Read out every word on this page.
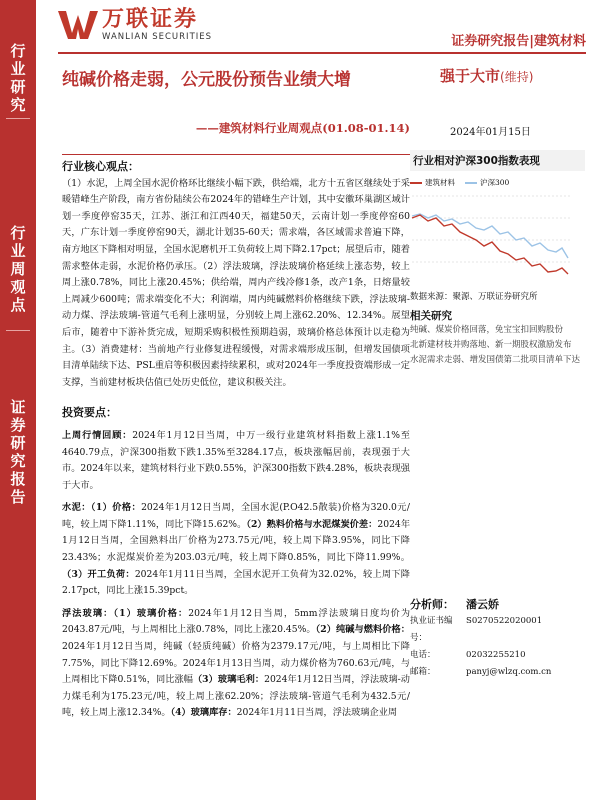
行
业
研
究
行
业
周
观
点
证
券
研
究
报
告
万联证券
WANLIAN SECURITIES	证券研究报告|建筑材料
纯碱价格走弱，公元股份预告业绩大增
——建筑材料行业周观点(01.08-01.14)
强于大市(维持)
2024年01月15日
行业核心观点：

（1）水泥，上周全国水泥价格环比继续小幅下跌，供给端，北方十五省区继续处于采暖错峰生产阶段，南方省份陆续公布2024年的错峰生产计划，其中安徽环巢湖区域计划一季度停窑35天，江苏、浙江和江西40天，福建50天，云南计划一季度停窑60天，广东计划一季度停窑90天，湖北计划35-60天；需求端，各区域需求普遍下降，南方地区下降相对明显，全国水泥磨机开工负荷较上周下降2.17pct；展望后市，随着需求整体走弱，水泥价格仍承压。（2）浮法玻璃，浮法玻璃价格延续上涨态势，较上周上涨0.78%，同比上涨20.45%；供给端，周内产线冷修1条，改产1条，日熔量较上周减少600吨；需求端变化不大；利润端，周内纯碱燃料价格继续下跌，浮法玻璃-动力煤、浮法玻璃-管道气毛利上涨明显，分别较上周上涨62.20%、12.34%。展望后市，随着中下游补货完成，短期采购积极性预期趋弱，玻璃价格总体预计以走稳为主。（3）消费建材：当前地产行业修复进程缓慢，对需求端形成压制，但增发国债项目清单陆续下达、PSL重启等积极因素持续累积，或对2024年一季度投资端形成一定支撑，当前建材板块估值已处历史低位，建议积极关注。

投资要点：

上周行情回顾：2024年1月12日当周，中万一级行业建筑材料指数上涨1.1%至4640.79点，沪深300指数下跌1.35%至3284.17点，板块涨幅居前，表现强于大市。2024年以来，建筑材料行业下跌0.55%，沪深300指数下跌4.28%，板块表现强于大市。

水泥：（1）价格：2024年1月12日当周，全国水泥(P.O42.5散装)价格为320.0元/吨，较上周下降1.11%，同比下降15.62%。（2）熟料价格与水泥煤炭价差：2024年1月12日当周，全国熟料出厂价格为273.75元/吨，较上周下降3.95%，同比下降23.43%；水泥煤炭价差为203.03元/吨，较上周下降0.85%，同比下降11.99%。（3）开工负荷：2024年1月11日当周，全国水泥开工负荷为32.02%，较上周下降2.17pct，同比上涨15.39pct。

浮法玻璃：（1）玻璃价格：2024年1月12日当周，5mm浮法玻璃日度均价为2043.87元/吨，与上周相比上涨0.78%，同比上涨20.45%。（2）纯碱与燃料价格：2024年1月12日当周，纯碱（轻质纯碱）价格为2379.17元/吨，与上周相比下降7.75%，同比下降12.69%。2024年1月13日当周，动力煤价格为760.63元/吨，与上周相比下降0.51%，同比涨幅（3）玻璃毛利：2024年1月12日当周，浮法玻璃-动力煤毛利为175.23元/吨，较上周上涨62.20%；浮法玻璃-管道气毛利为432.5元/吨，较上周上涨12.34%。（4）玻璃库存：2024年1月11日当周，浮法玻璃企业周

行业相对沪深300指数表现
建筑材料	沪深300
数据来源：聚源、万联证券研究所
相关研究
纯碱、煤炭价格回落，免宝宝扣回购股份
北新建材枝并购落地、新一期股权激励发布
水泥需求走弱、增发国债第二批项目清单下达
分析师：	潘云娇
执业证书编号：
S0270522020001
电话：	02032255210
邮箱：	panyj@wlzq.com.cn
